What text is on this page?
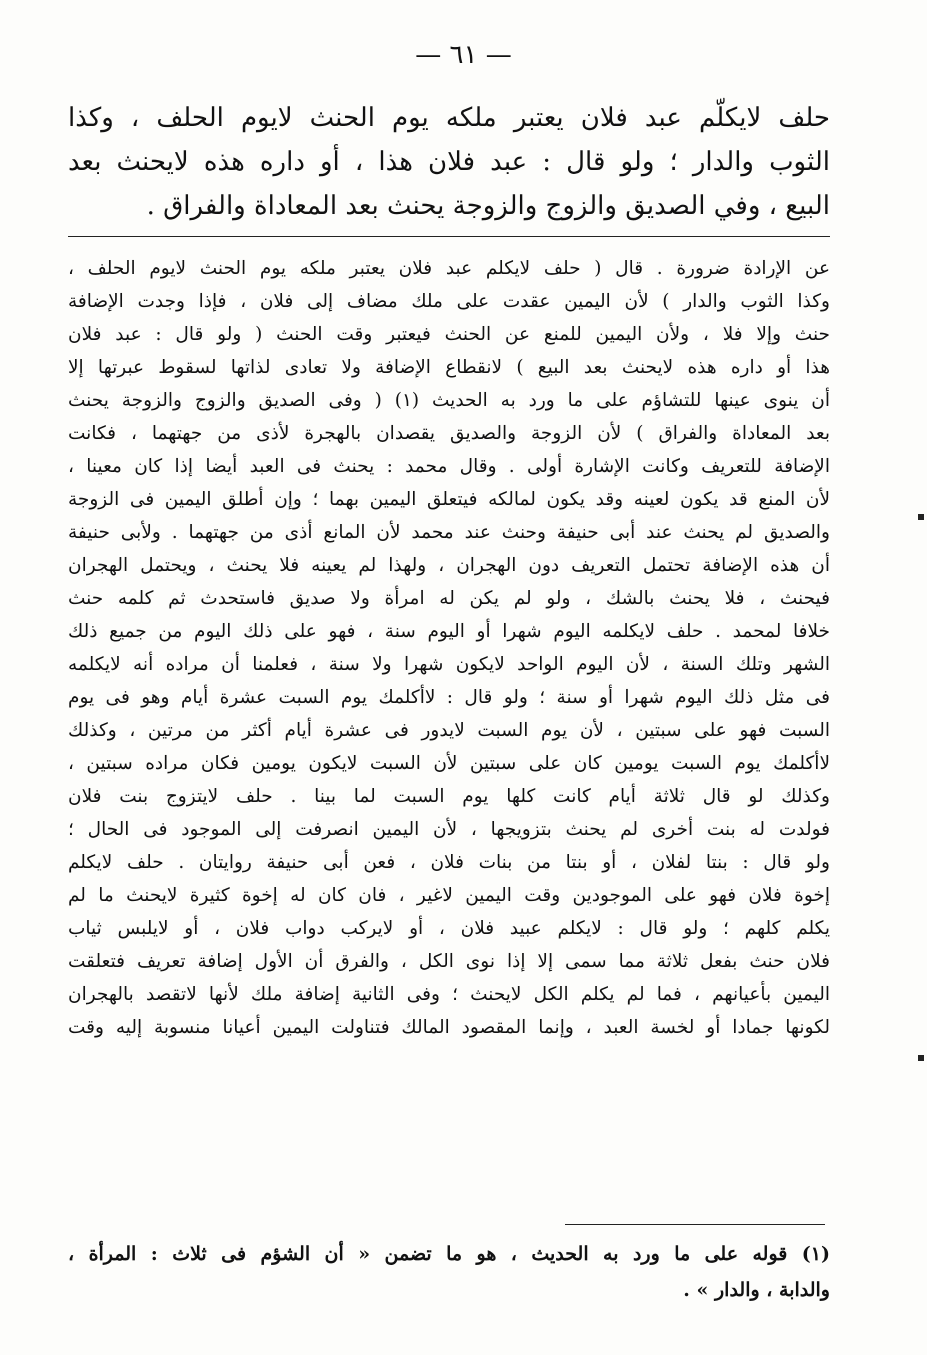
— ٦١ —
حلف لايكلّم عبد فلان يعتبر ملكه يوم الحنث لايوم الحلف ، وكذا
الثوب والدار ؛ ولو قال : عبد فلان هذا ، أو داره هذه لايحنث بعد
البيع ، وفي الصديق والزوج والزوجة يحنث بعد المعاداة والفراق .
عن الإرادة ضرورة . قال ( حلف لايكلم عبد فلان يعتبر ملكه يوم الحنث لايوم الحلف ،
وكذا الثوب والدار ) لأن اليمين عقدت على ملك مضاف إلى فلان ، فإذا وجدت الإضافة
حنث وإلا فلا ، ولأن اليمين للمنع عن الحنث فيعتبر وقت الحنث ( ولو قال : عبد فلان
هذا أو داره هذه لايحنث بعد البيع ) لانقطاع الإضافة ولا تعادى لذاتها لسقوط عبرتها إلا
أن ينوى عينها للتشاؤم على ما ورد به الحديث (١) ( وفى الصديق والزوج والزوجة يحنث
بعد المعاداة والفراق ) لأن الزوجة والصديق يقصدان بالهجرة لأذى من جهتهما ، فكانت
الإضافة للتعريف وكانت الإشارة أولى . وقال محمد : يحنث فى العبد أيضا إذا كان معينا ،
لأن المنع قد يكون لعينه وقد يكون لمالكه فيتعلق اليمين بهما ؛ وإن أطلق اليمين فى الزوجة
والصديق لم يحنث عند أبى حنيفة وحنث عند محمد لأن المانع أذى من جهتهما . ولأبى حنيفة
أن هذه الإضافة تحتمل التعريف دون الهجران ، ولهذا لم يعينه فلا يحنث ، ويحتمل الهجران
فيحنث ، فلا يحنث بالشك ، ولو لم يكن له امرأة ولا صديق فاستحدث ثم كلمه حنث
خلافا لمحمد . حلف لايكلمه اليوم شهرا أو اليوم سنة ، فهو على ذلك اليوم من جميع ذلك
الشهر وتلك السنة ، لأن اليوم الواحد لايكون شهرا ولا سنة ، فعلمنا أن مراده أنه لايكلمه
فى مثل ذلك اليوم شهرا أو سنة ؛ ولو قال : لاأكلمك يوم السبت عشرة أيام وهو فى يوم
السبت فهو على سبتين ، لأن يوم السبت لايدور فى عشرة أيام أكثر من مرتين ، وكذلك
لاأكلمك يوم السبت يومين كان على سبتين لأن السبت لايكون يومين فكان مراده سبتين ،
وكذلك لو قال ثلاثة أيام كانت كلها يوم السبت لما بينا . حلف لايتزوج بنت فلان
فولدت له بنت أخرى لم يحنث بتزويجها ، لأن اليمين انصرفت إلى الموجود فى الحال ؛
ولو قال : بنتا لفلان ، أو بنتا من بنات فلان ، فعن أبى حنيفة روايتان . حلف لايكلم
إخوة فلان فهو على الموجودين وقت اليمين لاغير ، فان كان له إخوة كثيرة لايحنث ما لم
يكلم كلهم ؛ ولو قال : لايكلم عبيد فلان ، أو لايركب دواب فلان ، أو لايلبس ثياب
فلان حنث بفعل ثلاثة مما سمى إلا إذا نوى الكل ، والفرق أن الأول إضافة تعريف فتعلقت
اليمين بأعيانهم ، فما لم يكلم الكل لايحنث ؛ وفى الثانية إضافة ملك لأنها لاتقصد بالهجران
لكونها جمادا أو لخسة العبد ، وإنما المقصود المالك فتناولت اليمين أعيانا منسوبة إليه وقت
(١) قوله على ما ورد به الحديث ، هو ما تضمن « أن الشؤم فى ثلاث : المرأة ،
والدابة ، والدار » .
